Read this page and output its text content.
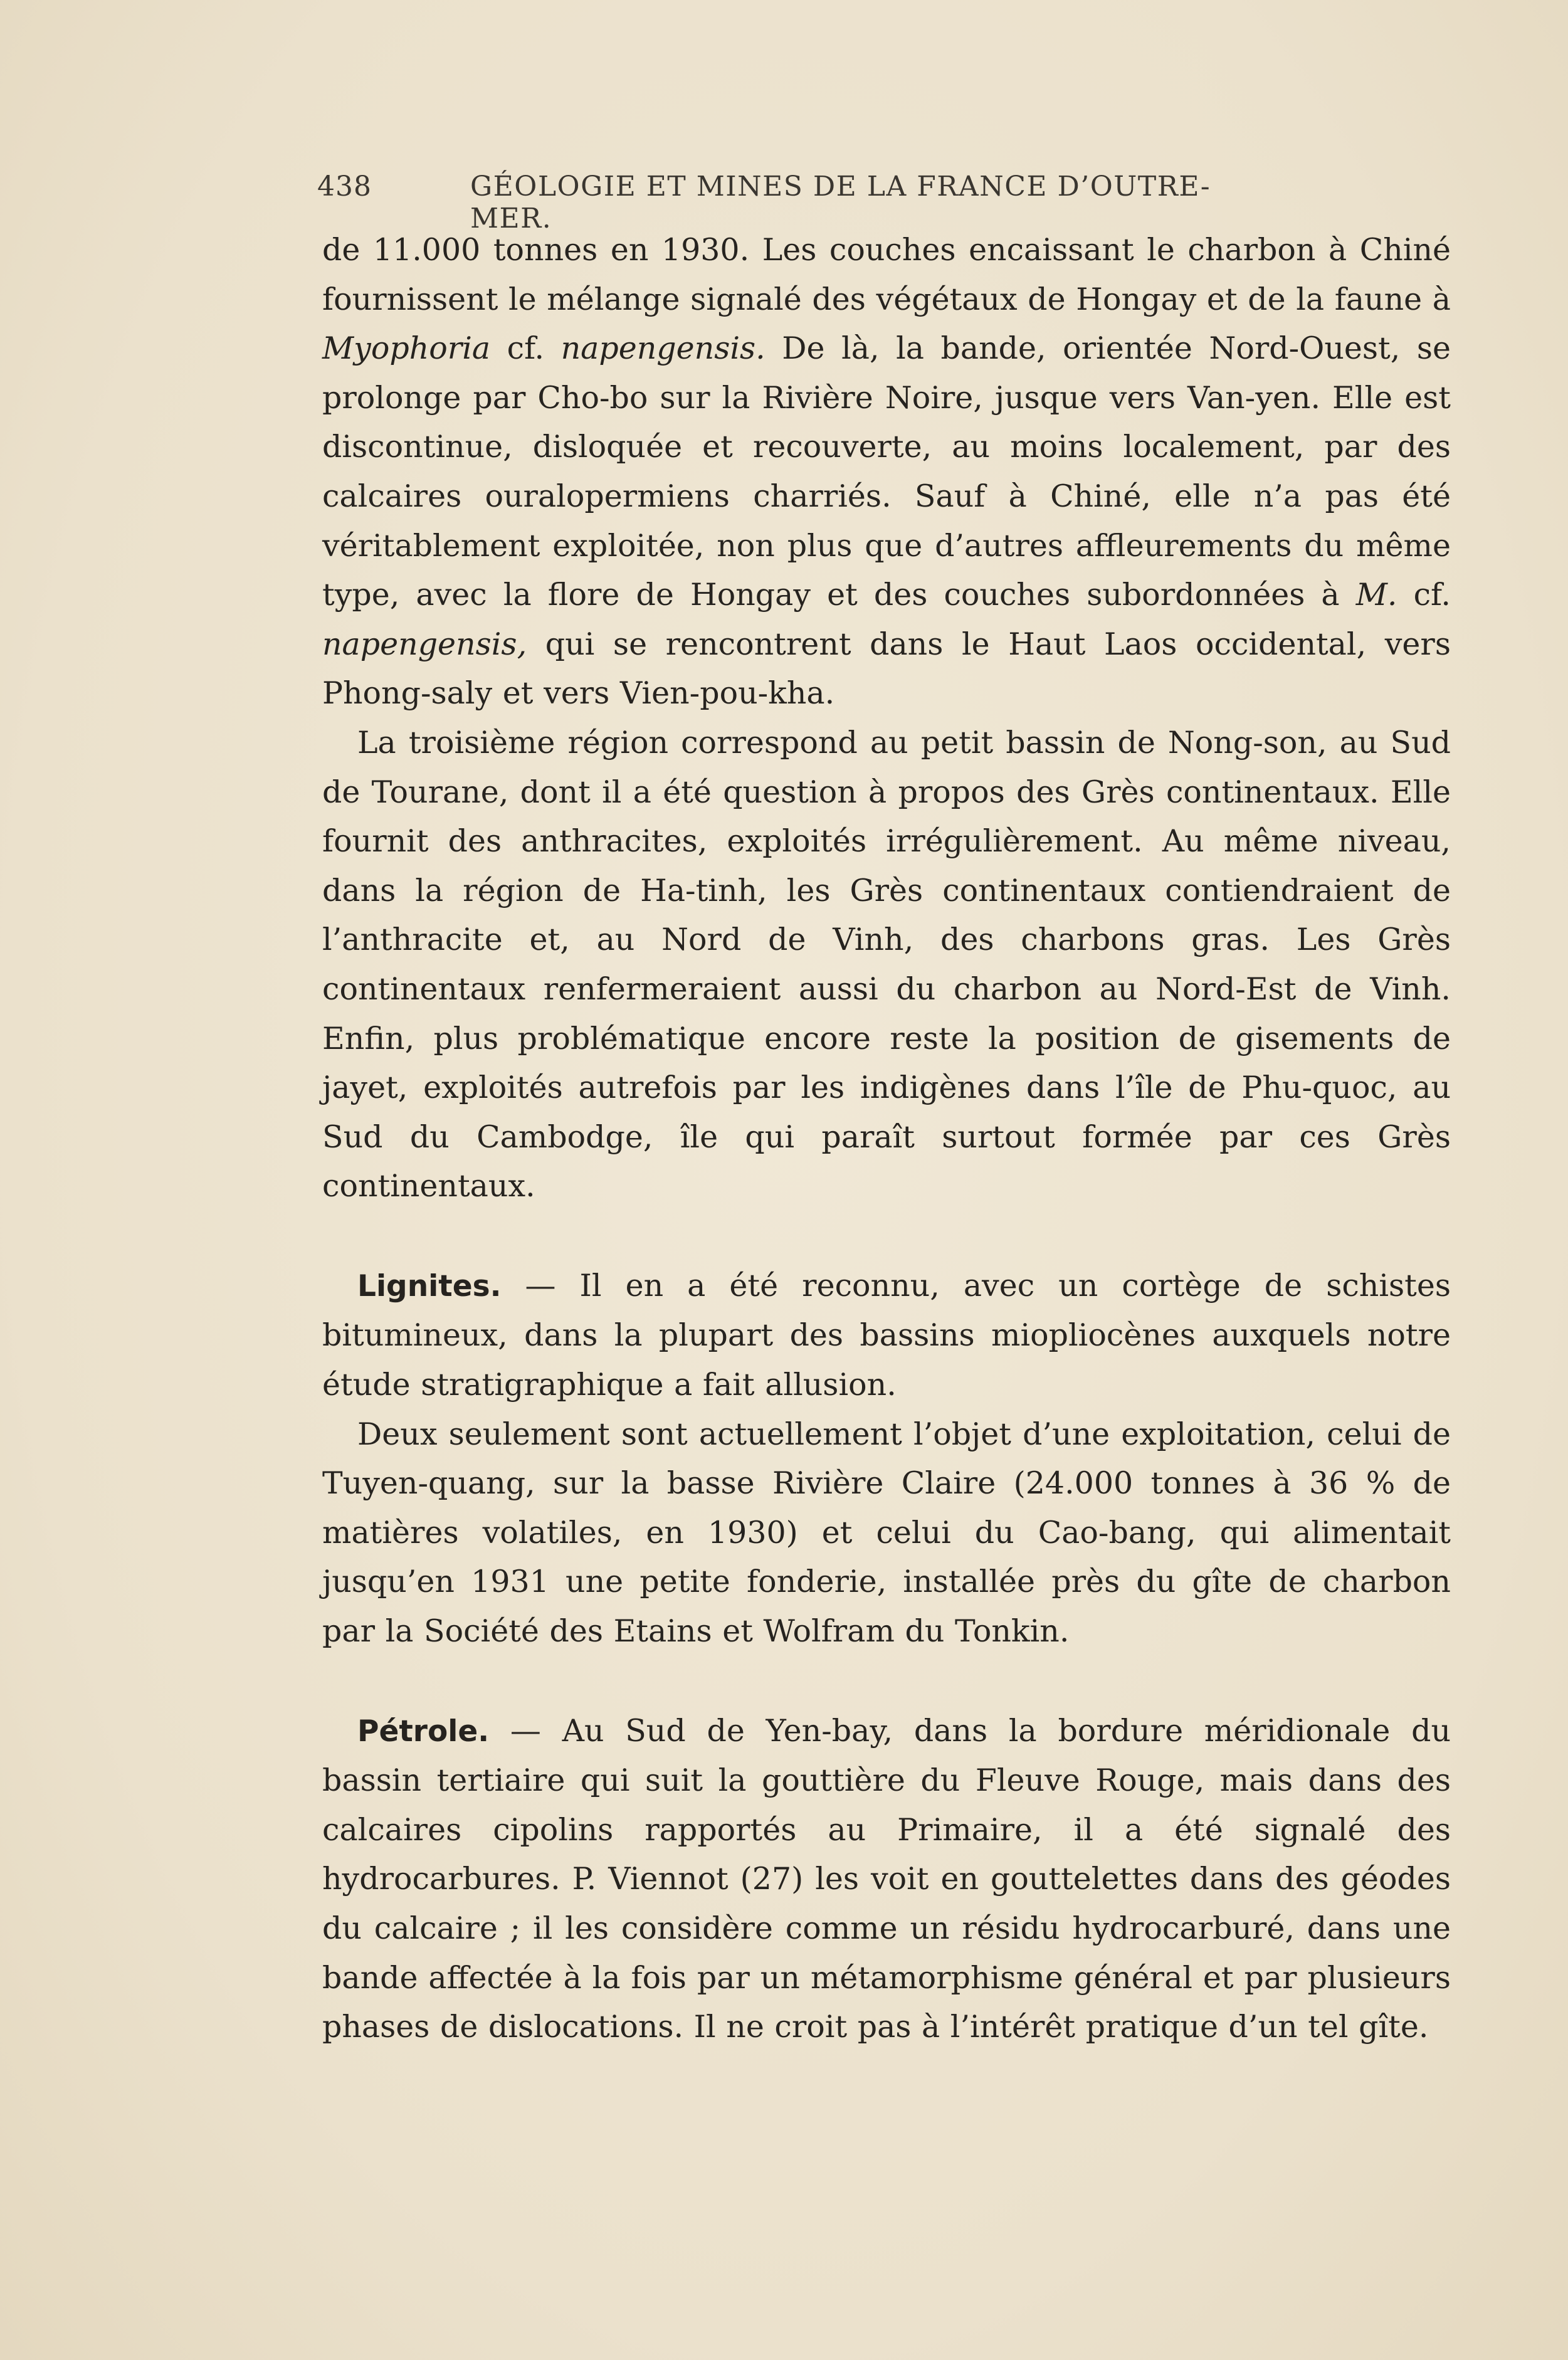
438	GÉOLOGIE ET MINES DE LA FRANCE D’OUTRE-MER.

de 11.000 tonnes en 1930. Les couches encaissant le charbon à Chiné fournissent le mélange signalé des végétaux de Hongay et de la faune à Myophoria cf. napengensis. De là, la bande, orientée Nord-Ouest, se prolonge par Cho-bo sur la Rivière Noire, jusque vers Van-yen. Elle est discontinue, disloquée et recouverte, au moins localement, par des calcaires ouralopermiens charriés. Sauf à Chiné, elle n’a pas été véritablement exploitée, non plus que d’autres affleurements du même type, avec la flore de Hongay et des couches subordonnées à M. cf. napengensis, qui se rencontrent dans le Haut Laos occidental, vers Phong-saly et vers Vien-pou-kha.

La troisième région correspond au petit bassin de Nong-son, au Sud de Tourane, dont il a été question à propos des Grès continentaux. Elle fournit des anthracites, exploités irrégulièrement. Au même niveau, dans la région de Ha-tinh, les Grès continentaux contiendraient de l’anthracite et, au Nord de Vinh, des charbons gras. Les Grès continentaux renfermeraient aussi du charbon au Nord-Est de Vinh. Enfin, plus problématique encore reste la position de gisements de jayet, exploités autrefois par les indigènes dans l’île de Phu-quoc, au Sud du Cambodge, île qui paraît surtout formée par ces Grès continentaux.

Lignites. — Il en a été reconnu, avec un cortège de schistes bitumineux, dans la plupart des bassins miopliocènes auxquels notre étude stratigraphique a fait allusion.

Deux seulement sont actuellement l’objet d’une exploitation, celui de Tuyen-quang, sur la basse Rivière Claire (24.000 tonnes à 36 % de matières volatiles, en 1930) et celui du Cao-bang, qui alimentait jusqu’en 1931 une petite fonderie, installée près du gîte de charbon par la Société des Etains et Wolfram du Tonkin.

Pétrole. — Au Sud de Yen-bay, dans la bordure méridionale du bassin tertiaire qui suit la gouttière du Fleuve Rouge, mais dans des calcaires cipolins rapportés au Primaire, il a été signalé des hydrocarbures. P. Viennot (27) les voit en gouttelettes dans des géodes du calcaire ; il les considère comme un résidu hydrocarburé, dans une bande affectée à la fois par un métamorphisme général et par plusieurs phases de dislocations. Il ne croit pas à l’intérêt pratique d’un tel gîte.
